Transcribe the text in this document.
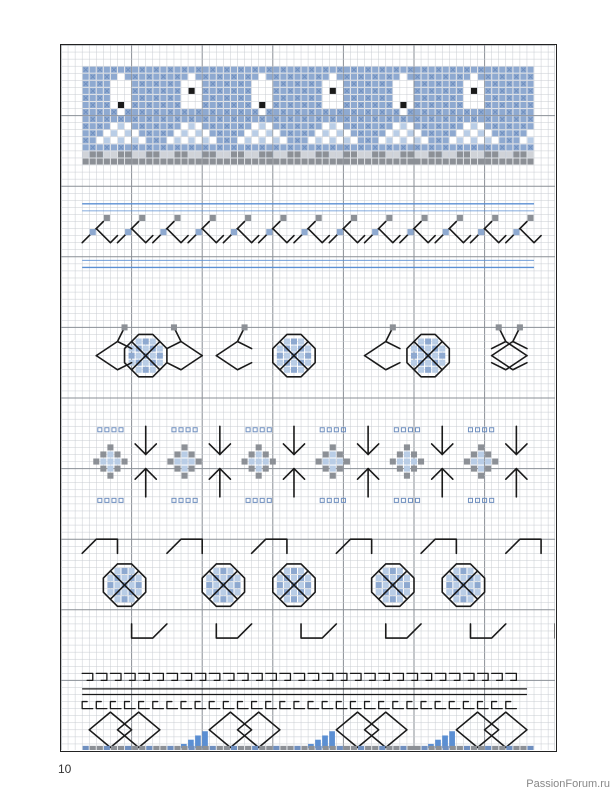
10
PassionForum.ru
